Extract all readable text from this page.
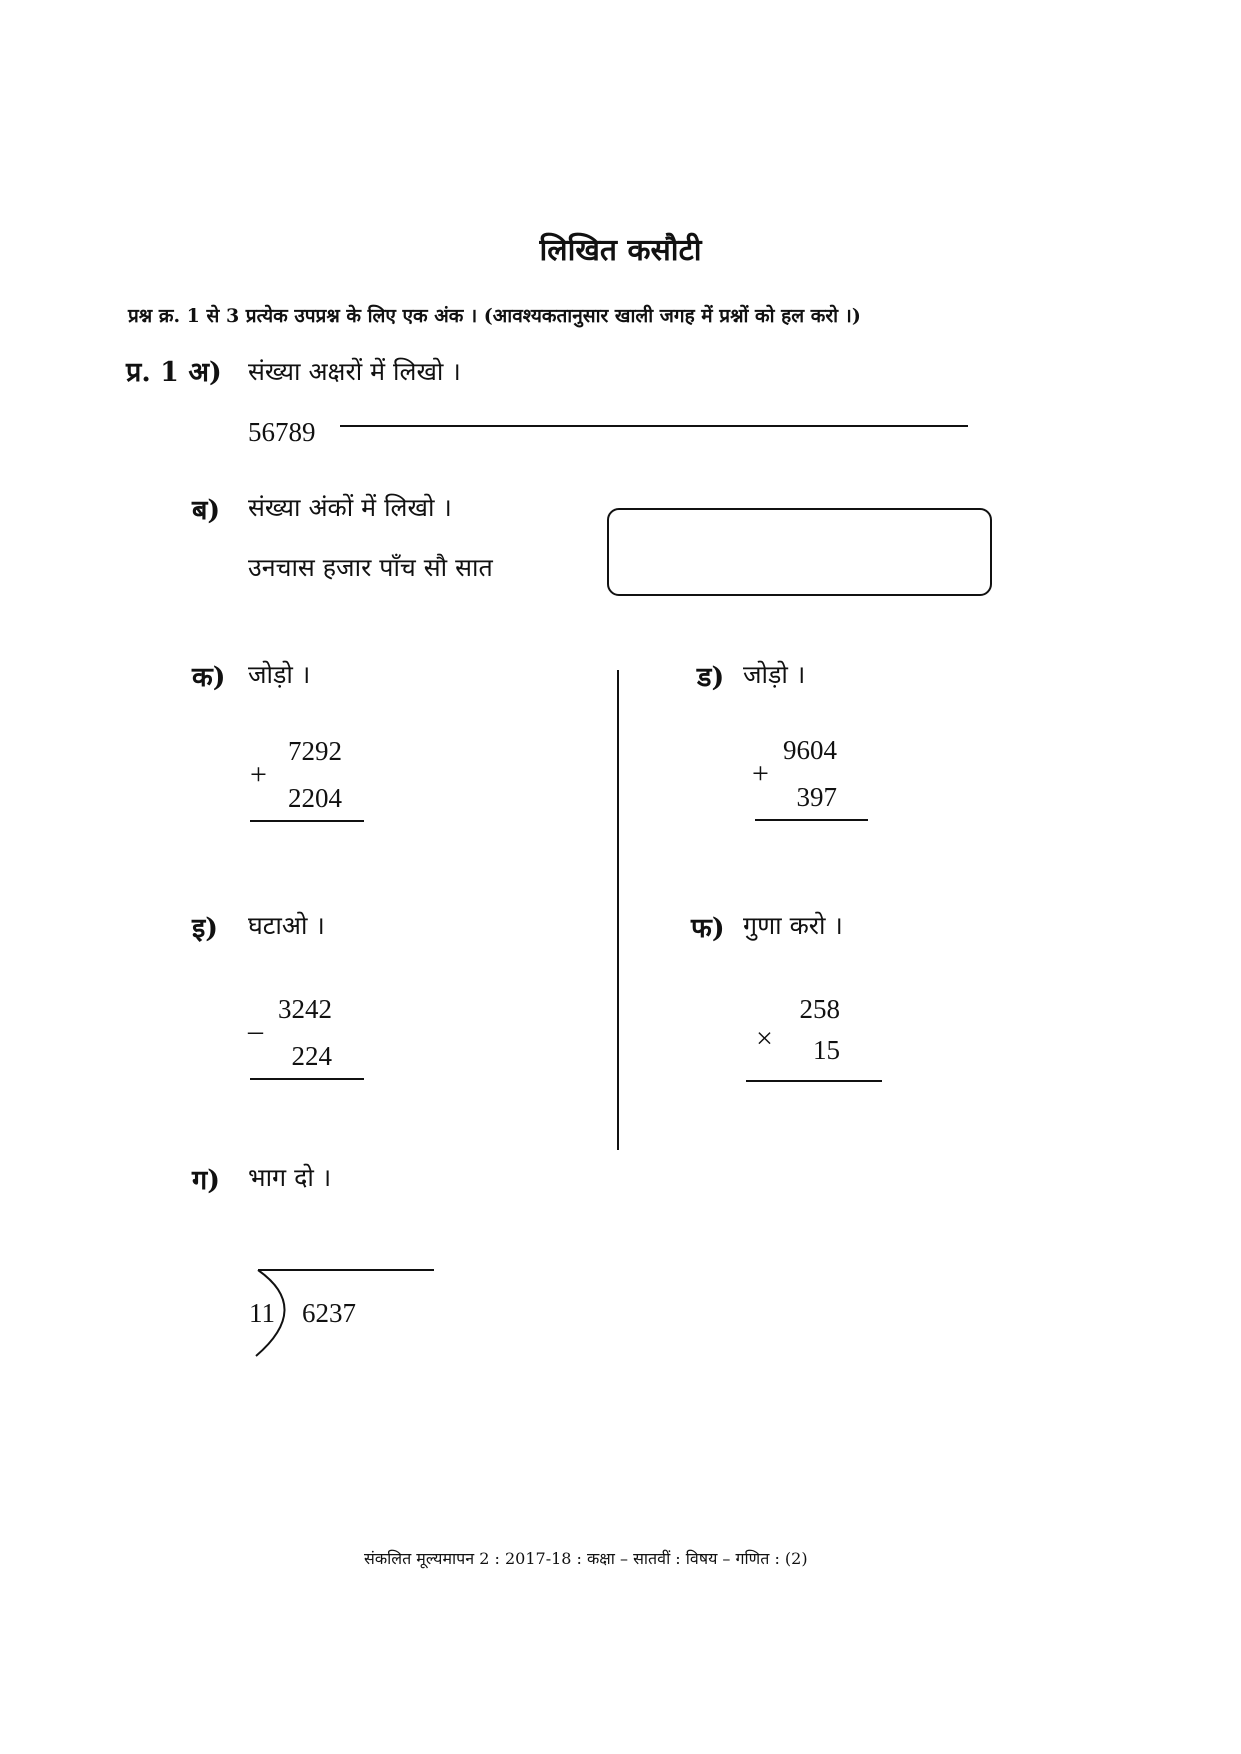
लिखित कसौटी
प्रश्न क्र. 1 से 3 प्रत्येक उपप्रश्न के लिए एक अंक । (आवश्यकतानुसार खाली जगह में प्रश्नों को हल करो ।)
प्र. 1 अ) संख्या अक्षरों में लिखो ।
56789
ब) संख्या अंकों में लिखो ।
उनचास हजार पाँच सौ सात
क) जोड़ो ।
7292
+
2204
ड) जोड़ो ।
9604
+
397
इ) घटाओ ।
3242
–
224
फ) गुणा करो ।
258
×	15
ग) भाग दो ।
11 6237
संकलित मूल्यमापन 2 : 2017-18 : कक्षा – सातवीं : विषय – गणित : (2)
